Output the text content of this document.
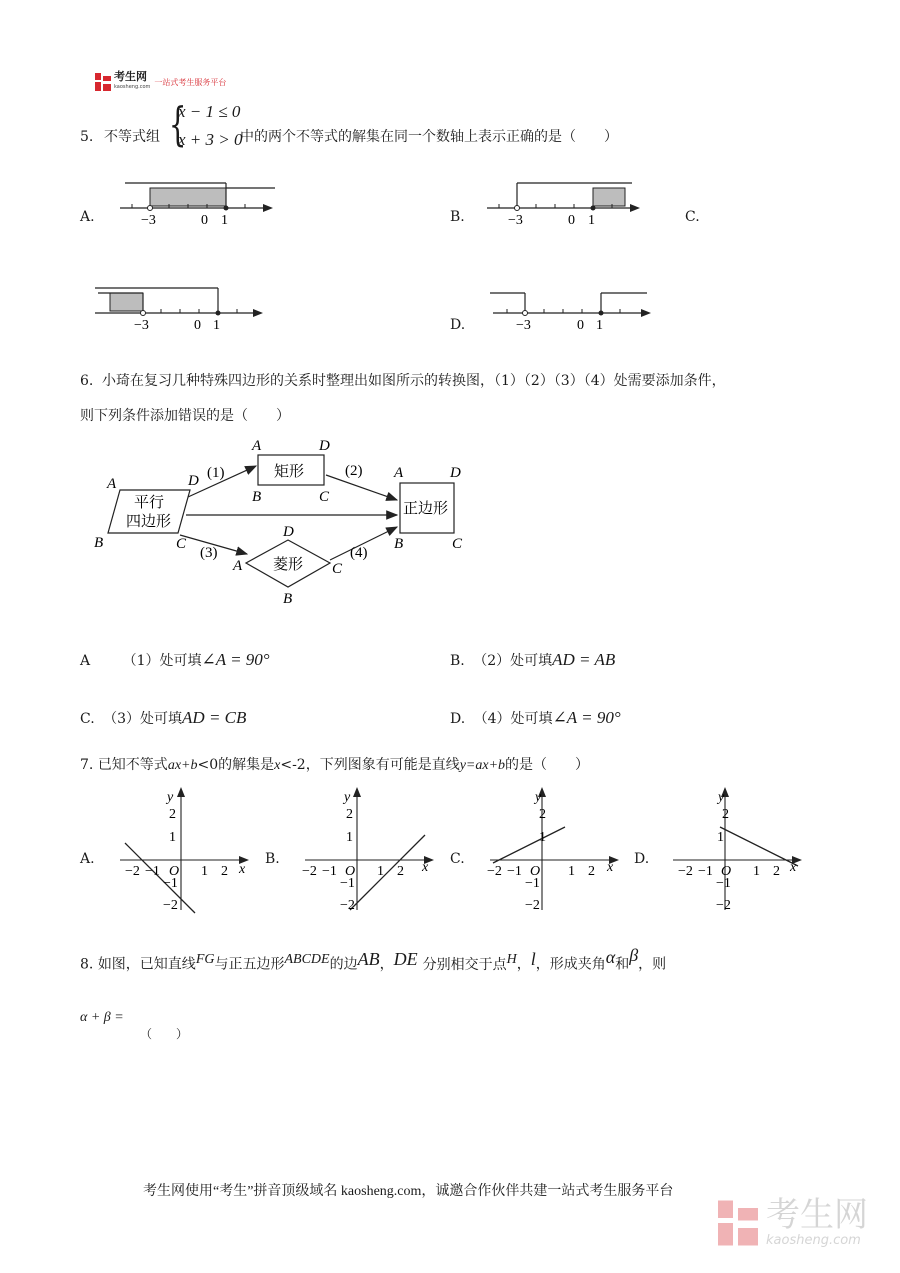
考生网
kaosheng.com
一站式考生服务平台
5. 不等式组 {
x − 1 ≤ 0
x + 3 > 0
中的两个不等式的解集在同一个数轴上表示正确的是（　　）
A.	B.	C.
D.
−3	0 1	−3	0 1
−3	0 1	−3	0 1
6. 小琦在复习几种特殊四边形的关系时整理出如图所示的转换图，（1）（2）（3）（4）处需要添加条件，
则下列条件添加错误的是（　　）
平行
四边形
A	D
B	C
矩形
A	D
B	C
正边形
A	D
B	C
菱形
D
A	C
B
(1)	(2)
(3)	(4)
A （1）处可填∠A = 90°	B. （2）处可填AD = AB
C. （3）处可填AD = CB	D. （4）处可填∠A = 90°
7. 已知不等式ax+b<0的解集是x<-2，下列图象有可能是直线y=ax+b的是（　　）
A.	B.	C.	D.
y
x
O
−2 −1	1 2
2
1
−1
−2
y
x
O
−2 −1	1 2
2
1
−1
−2
y
x
O
−2 −1	1 2
2
1
−1
−2
y
x
O
−2 −1	1 2
2
1
−1
−2
8. 如图，已知直线$^{FG}$与正五边形$^{ABCDE}$的边AB，DE 分别相交于点$^H$，l，形成夹角α和β，则
α + β =
（　　）
考生网使用“考生”拼音顶级域名 kaosheng.com，诚邀合作伙伴共建一站式考生服务平台
考生网
kaosheng.com
